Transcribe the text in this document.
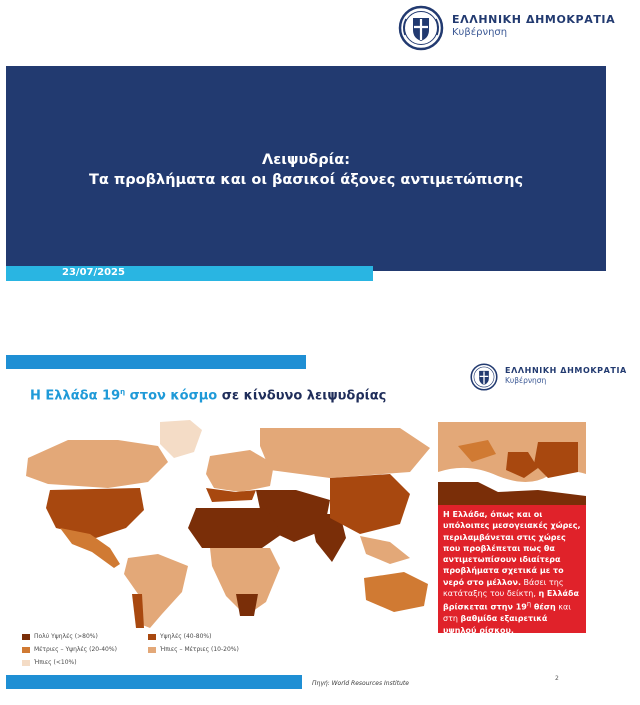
ΕΛΛΗΝΙΚΗ ΔΗΜΟΚΡΑΤΙΑ
Κυβέρνηση
Λειψυδρία:
Τα προβλήματα και οι βασικοί άξονες αντιμετώπισης
23/07/2025
ΕΛΛΗΝΙΚΗ ΔΗΜΟΚΡΑΤΙΑ
Κυβέρνηση
Η Ελλάδα $19^\eta$ στον κόσμο σε κίνδυνο λειψυδρίας
Η Ελλάδα, όπως και οι υπόλοιπες μεσογειακές χώρες, περιλαμβάνεται στις χώρες που προβλέπεται πως θα αντιμετωπίσουν ιδιαίτερα προβλήματα σχετικά με το νερό στο μέλλον. Βάσει της κατάταξης του δείκτη, η Ελλάδα βρίσκεται στην $19^\eta$ θέση και στη βαθμίδα εξαιρετικά υψηλού ρίσκου.
Πολύ Υψηλές (>80%)	Υψηλές (40-80%)
Μέτριες – Υψηλές (20-40%)	Ήπιες – Μέτριες (10-20%)
Ήπιες (<10%)
Πηγή: World Resources Institute
2
